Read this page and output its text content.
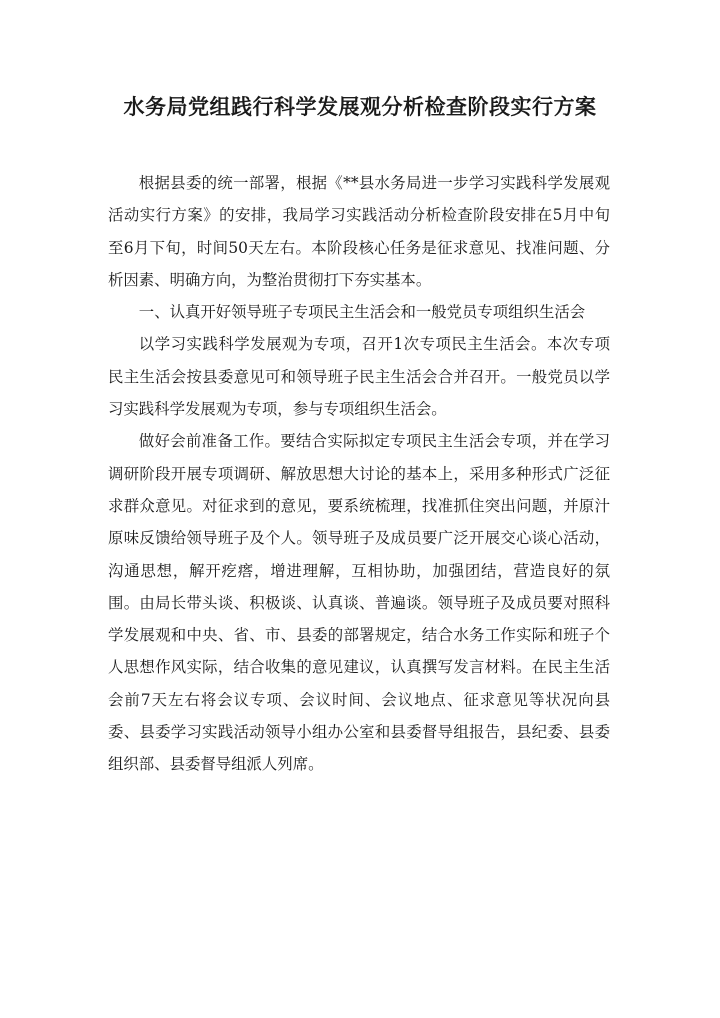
水务局党组践行科学发展观分析检查阶段实行方案

根据县委的统一部署，根据《**县水务局进一步学习实践科学发展观活动实行方案》的安排，我局学习实践活动分析检查阶段安排在5月中旬至6月下旬，时间50天左右。本阶段核心任务是征求意见、找准问题、分析因素、明确方向，为整治贯彻打下夯实基本。

一、认真开好领导班子专项民主生活会和一般党员专项组织生活会

以学习实践科学发展观为专项，召开1次专项民主生活会。本次专项民主生活会按县委意见可和领导班子民主生活会合并召开。一般党员以学习实践科学发展观为专项，参与专项组织生活会。

做好会前准备工作。要结合实际拟定专项民主生活会专项，并在学习调研阶段开展专项调研、解放思想大讨论的基本上，采用多种形式广泛征求群众意见。对征求到的意见，要系统梳理，找准抓住突出问题，并原汁原味反馈给领导班子及个人。领导班子及成员要广泛开展交心谈心活动，沟通思想，解开疙瘩，增进理解，互相协助，加强团结，营造良好的氛围。由局长带头谈、积极谈、认真谈、普遍谈。领导班子及成员要对照科学发展观和中央、省、市、县委的部署规定，结合水务工作实际和班子个人思想作风实际，结合收集的意见建议，认真撰写发言材料。在民主生活会前7天左右将会议专项、会议时间、会议地点、征求意见等状况向县委、县委学习实践活动领导小组办公室和县委督导组报告，县纪委、县委组织部、县委督导组派人列席。
